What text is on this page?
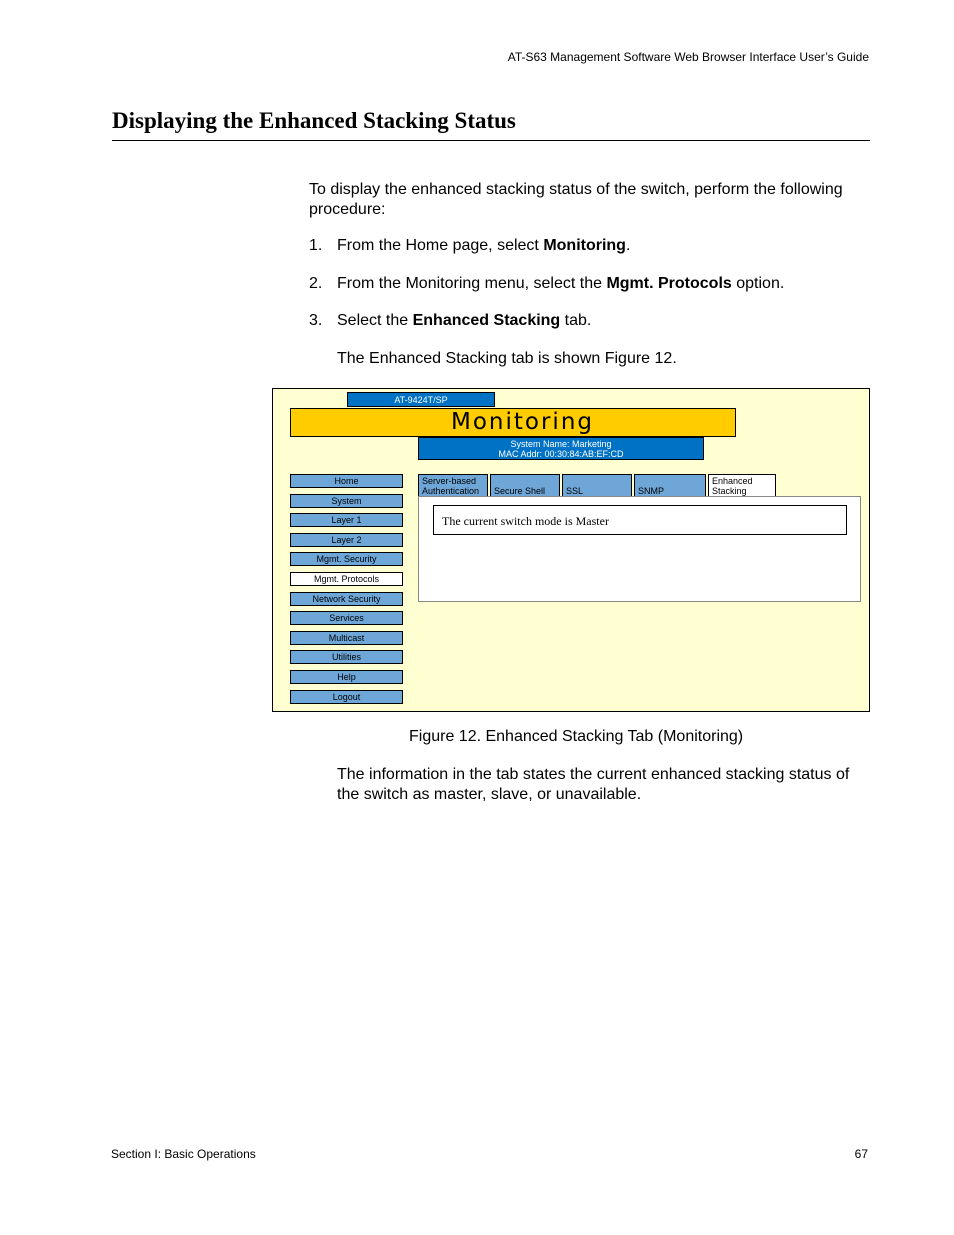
AT-S63 Management Software Web Browser Interface User’s Guide
Displaying the Enhanced Stacking Status
To display the enhanced stacking status of the switch, perform the following procedure:
1. From the Home page, select Monitoring.
2. From the Monitoring menu, select the Mgmt. Protocols option.
3. Select the Enhanced Stacking tab.
The Enhanced Stacking tab is shown Figure 12.
AT-9424T/SP
Monitoring
System Name: Marketing
MAC Addr: 00:30:84:AB:EF:CD
Home
System
Layer 1
Layer 2
Mgmt. Security
Mgmt. Protocols
Network Security
Services
Multicast
Utilities
Help
Logout
Server-based
Authentication	Secure Shell	SSL	SNMP
Enhanced
Stacking
The current switch mode is Master
Figure 12. Enhanced Stacking Tab (Monitoring)
The information in the tab states the current enhanced stacking status of the switch as master, slave, or unavailable.
Section I: Basic Operations	67
